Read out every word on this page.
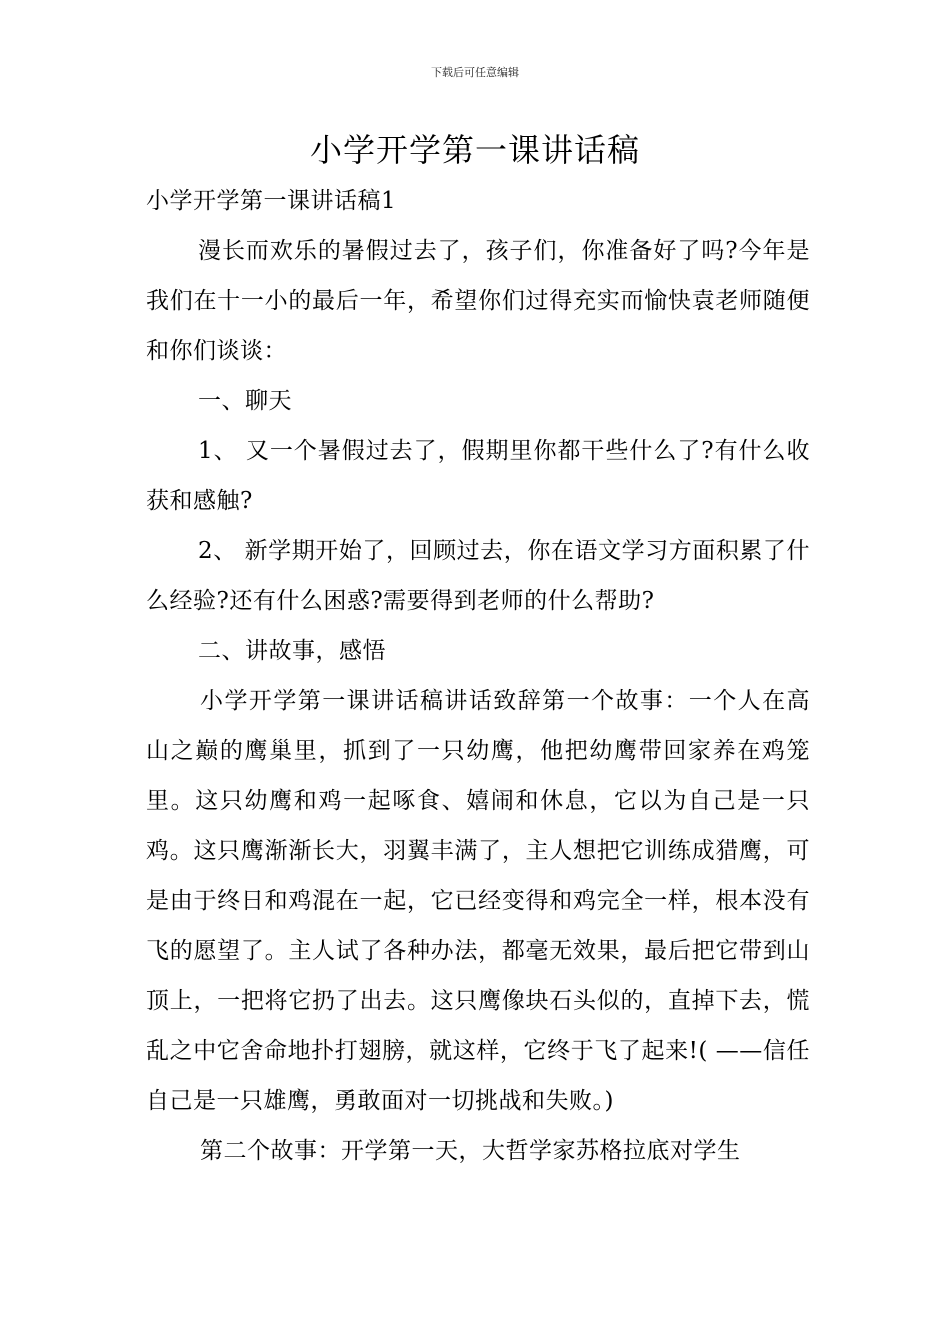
下载后可任意编辑
小学开学第一课讲话稿

小学开学第一课讲话稿1

漫长而欢乐的暑假过去了，孩子们，你准备好了吗?今年是我们在十一小的最后一年，希望你们过得充实而愉快袁老师随便和你们谈谈：

一、聊天

1、 又一个暑假过去了，假期里你都干些什么了?有什么收获和感触?

2、 新学期开始了，回顾过去，你在语文学习方面积累了什么经验?还有什么困惑?需要得到老师的什么帮助?

二、讲故事，感悟

小学开学第一课讲话稿讲话致辞第一个故事：一个人在高山之巅的鹰巢里，抓到了一只幼鹰，他把幼鹰带回家养在鸡笼里。这只幼鹰和鸡一起啄食、嬉闹和休息，它以为自己是一只鸡。这只鹰渐渐长大，羽翼丰满了，主人想把它训练成猎鹰，可是由于终日和鸡混在一起，它已经变得和鸡完全一样，根本没有飞的愿望了。主人试了各种办法，都毫无效果，最后把它带到山顶上，一把将它扔了出去。这只鹰像块石头似的，直掉下去，慌乱之中它舍命地扑打翅膀，就这样，它终于飞了起来!( ——信任自己是一只雄鹰，勇敢面对一切挑战和失败。)

第二个故事：开学第一天，大哲学家苏格拉底对学生
